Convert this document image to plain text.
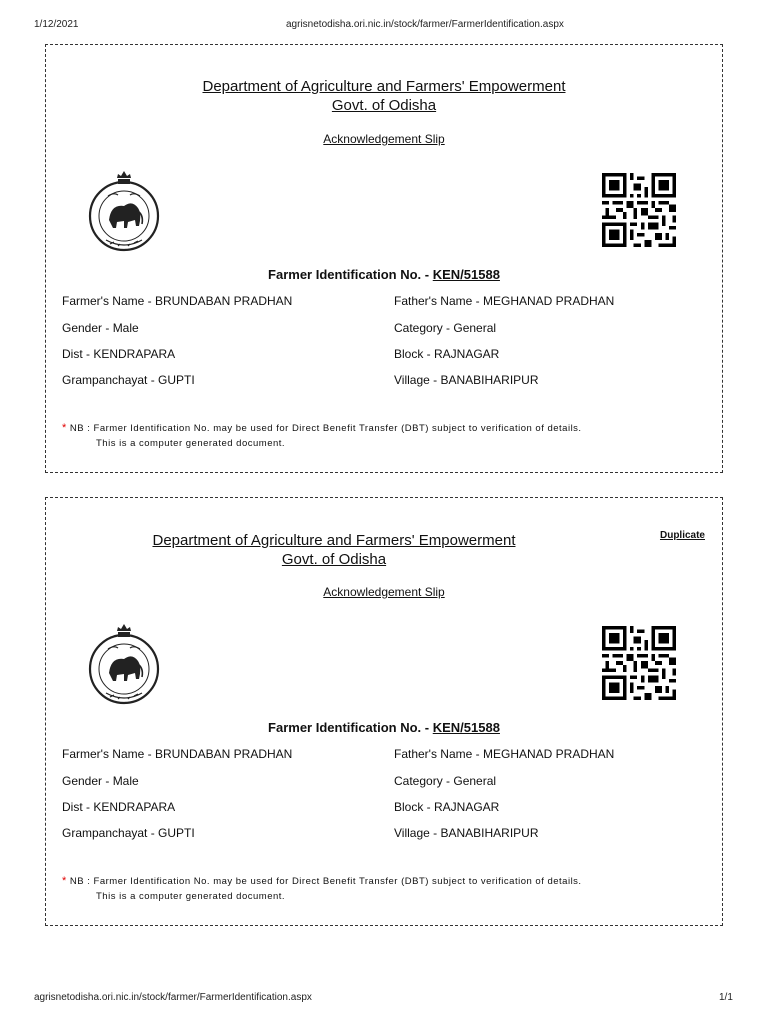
1/12/2021	agrisnetodisha.ori.nic.in/stock/farmer/FarmerIdentification.aspx
Department of Agriculture and Farmers' Empowerment
Govt. of Odisha
Acknowledgement Slip
Farmer Identification No. - KEN/51588
Farmer's Name - BRUNDABAN PRADHAN	Father's Name - MEGHANAD PRADHAN
Gender - Male	Category - General
Dist - KENDRAPARA	Block - RAJNAGAR
Grampanchayat - GUPTI	Village - BANABIHARIPUR
* NB : Farmer Identification No. may be used for Direct Benefit Transfer (DBT) subject to verification of details.
This is a computer generated document.
Duplicate
Department of Agriculture and Farmers' Empowerment
Govt. of Odisha
Acknowledgement Slip
Farmer Identification No. - KEN/51588
Farmer's Name - BRUNDABAN PRADHAN	Father's Name - MEGHANAD PRADHAN
Gender - Male	Category - General
Dist - KENDRAPARA	Block - RAJNAGAR
Grampanchayat - GUPTI	Village - BANABIHARIPUR
* NB : Farmer Identification No. may be used for Direct Benefit Transfer (DBT) subject to verification of details.
This is a computer generated document.
agrisnetodisha.ori.nic.in/stock/farmer/FarmerIdentification.aspx	1/1
